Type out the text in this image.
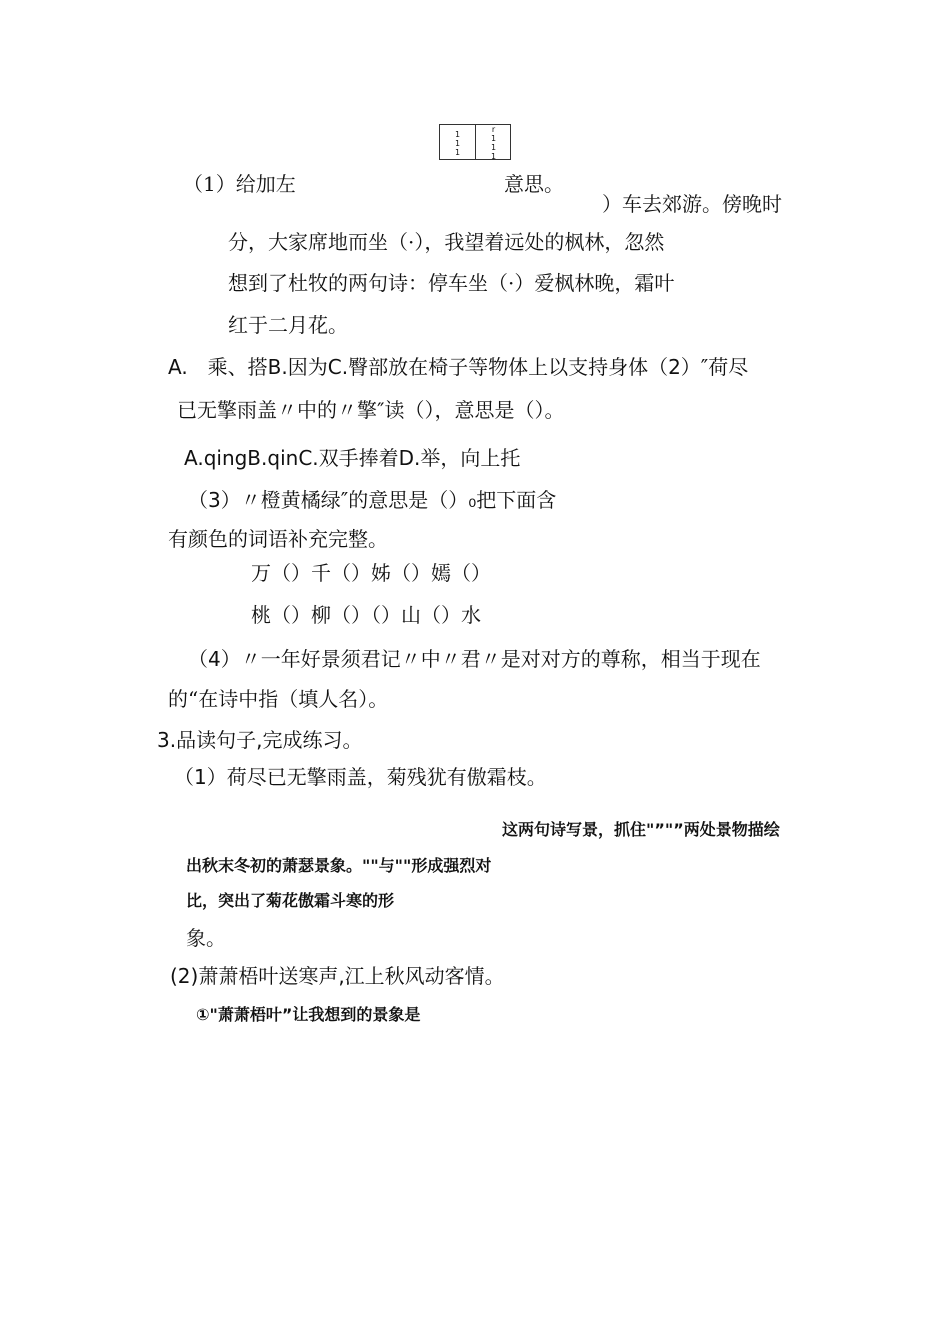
1
1
1
r
1
1
1
（1）给加左	意思。
）车去郊游。傍晚时
分，大家席地而坐（·），我望着远处的枫林，忽然
想到了杜牧的两句诗：停车坐（·）爱枫林晚，霜叶
红于二月花。
A.　乘、搭B.因为C.臀部放在椅子等物体上以支持身体（2）″荷尽
已无擎雨盖〃中的〃擎″读（），意思是（）。
A.qingB.qinC.双手捧着D.举，向上托
（3）〃橙黄橘绿″的意思是（）₀把下面含
有颜色的词语补充完整。
万（）千（）姊（）嫣（）
桃（）柳（）（）山（）水
（4）〃一年好景须君记〃中〃君〃是对对方的尊称，相当于现在
的“在诗中指（填人名）。
3.品读句子,完成练习。
（1）荷尽已无擎雨盖，菊残犹有傲霜枝。
这两句诗写景，抓住"”"”两处景物描绘
出秋末冬初的萧瑟景象。""与""形成强烈对
比，突出了菊花傲霜斗寒的形
象。
(2)萧萧梧叶送寒声,江上秋风动客情。
①"萧萧梧叶”让我想到的景象是
